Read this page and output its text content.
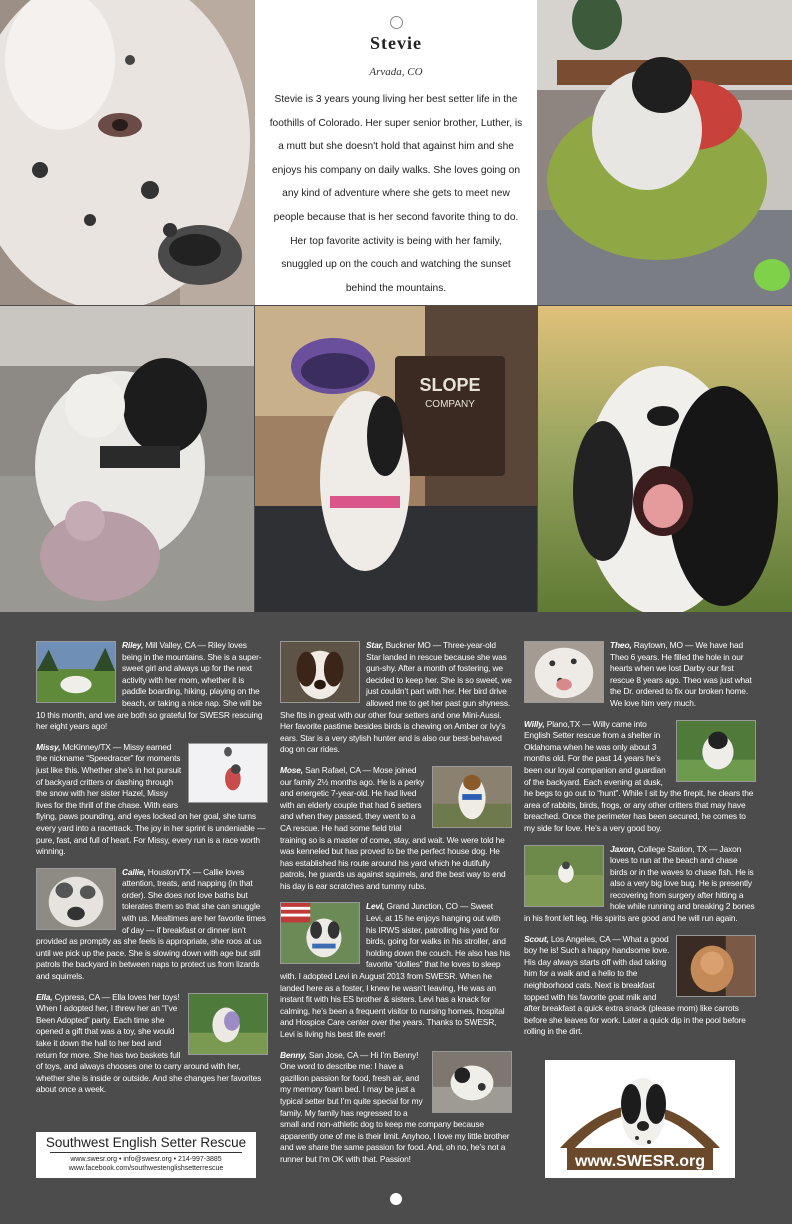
Stevie
Arvada, CO

Stevie is 3 years young living her best setter life in the foothills of Colorado. Her super senior brother, Luther, is a mutt but she doesn't hold that against him and she enjoys his company on daily walks. She loves going on any kind of adventure where she gets to meet new people because that is her second favorite thing to do. Her top favorite activity is being with her family, snuggled up on the couch and watching the sunset behind the mountains.

SLOPE
COMPANY
Riley, Mill Valley, CA — Riley loves being in the mountains. She is a super-sweet girl and always up for the next activity with her mom, whether it is paddle boarding, hiking, playing on the beach, or taking a nice nap. She will be 10 this month, and we are both so grateful for SWESR rescuing her eight years ago!
Missy, McKinney/TX — Missy earned the nickname “Speedracer” for moments just like this. Whether she’s in hot pursuit of backyard critters or dashing through the snow with her sister Hazel, Missy lives for the thrill of the chase. With ears flying, paws pounding, and eyes locked on her goal, she turns every yard into a racetrack. The joy in her sprint is undeniable — pure, fast, and full of heart. For Missy, every run is a race worth winning.
Callie, Houston/TX — Callie loves attention, treats, and napping (in that order). She does not love baths but tolerates them so that she can snuggle with us. Mealtimes are her favorite times of day — if breakfast or dinner isn’t provided as promptly as she feels is appropriate, she roos at us until we pick up the pace. She is slowing down with age but still patrols the backyard in between naps to protect us from lizards and squirrels.
Ella, Cypress, CA — Ella loves her toys! When I adopted her, I threw her an “I’ve Been Adopted” party. Each time she opened a gift that was a toy, she would take it down the hall to her bed and return for more. She has two baskets full of toys, and always chooses one to carry around with her, whether she is inside or outside. And she changes her favorites about once a week.
Star, Buckner MO — Three-year-old Star landed in rescue because she was gun-shy. After a month of fostering, we decided to keep her. She is so sweet, we just couldn’t part with her. Her bird drive allowed me to get her past gun shyness. She fits in great with our other four setters and one Mini-Aussi. Her favorite pastime besides birds is chewing on Amber or Ivy’s ears. Star is a very stylish hunter and is also our best-behaved dog on car rides.
Mose, San Rafael, CA — Mose joined our family 2½ months ago. He is a perky and energetic 7-year-old. He had lived with an elderly couple that had 6 setters and when they passed, they went to a CA rescue. He had some field trial training so is a master of come, stay, and wait. We were told he was kenneled but has proved to be the perfect house dog. He has established his route around his yard which he dutifully patrols, he guards us against squirrels, and the best way to end his day is ear scratches and tummy rubs.
Levi, Grand Junction, CO — Sweet Levi, at 15 he enjoys hanging out with his IRWS sister, patrolling his yard for birds, going for walks in his stroller, and holding down the couch. He also has his favorite “dollies” that he loves to sleep with. I adopted Levi in August 2013 from SWESR. When he landed here as a foster, I knew he wasn’t leaving, He was an instant fit with his ES brother & sisters. Levi has a knack for calming, he’s been a frequent visitor to nursing homes, hospital and Hospice Care center over the years. Thanks to SWESR, Levi is living his best life ever!
Benny, San Jose, CA — Hi I’m Benny! One word to describe me: I have a gazillion passion for food, fresh air, and my memory foam bed. I may be just a typical setter but I’m quite special for my family. My family has regressed to a small and non-athletic dog to keep me company because apparently one of me is their limit. Anyhoo, I love my little brother and we share the same passion for food. And, oh no, he’s not a runner but I’m OK with that. Passion!
Theo, Raytown, MO — We have had Theo 6 years. He filled the hole in our hearts when we lost Darby our first rescue 8 years ago. Theo was just what the Dr. ordered to fix our broken home. We love him very much.
Willy, Plano,TX — Willy came into English Setter rescue from a shelter in Oklahoma when he was only about 3 months old. For the past 14 years he’s been our loyal companion and guardian of the backyard. Each evening at dusk, he begs to go out to “hunt”. While I sit by the firepit, he clears the area of rabbits, birds, frogs, or any other critters that may have breached. Once the perimeter has been secured, he comes to my side for love. He’s a very good boy.
Jaxon, College Station, TX — Jaxon loves to run at the beach and chase birds or in the waves to chase fish. He is also a very big love bug. He is presently recovering from surgery after hitting a hole while running and breaking 2 bones in his front left leg. His spirits are good and he will run again.
Scout, Los Angeles, CA — What a good boy he is! Such a happy handsome love. His day always starts off with dad taking him for a walk and a hello to the neighborhood cats. Next is breakfast topped with his favorite goat milk and after breakfast a quick extra snack (please mom) like carrots before she leaves for work. Later a quick dip in the pool before rolling in the dirt.
Southwest English Setter Rescue
www.swesr.org • info@swesr.org • 214-997-3885
www.facebook.com/southwestenglishsetterrescue	www.SWESR.org
